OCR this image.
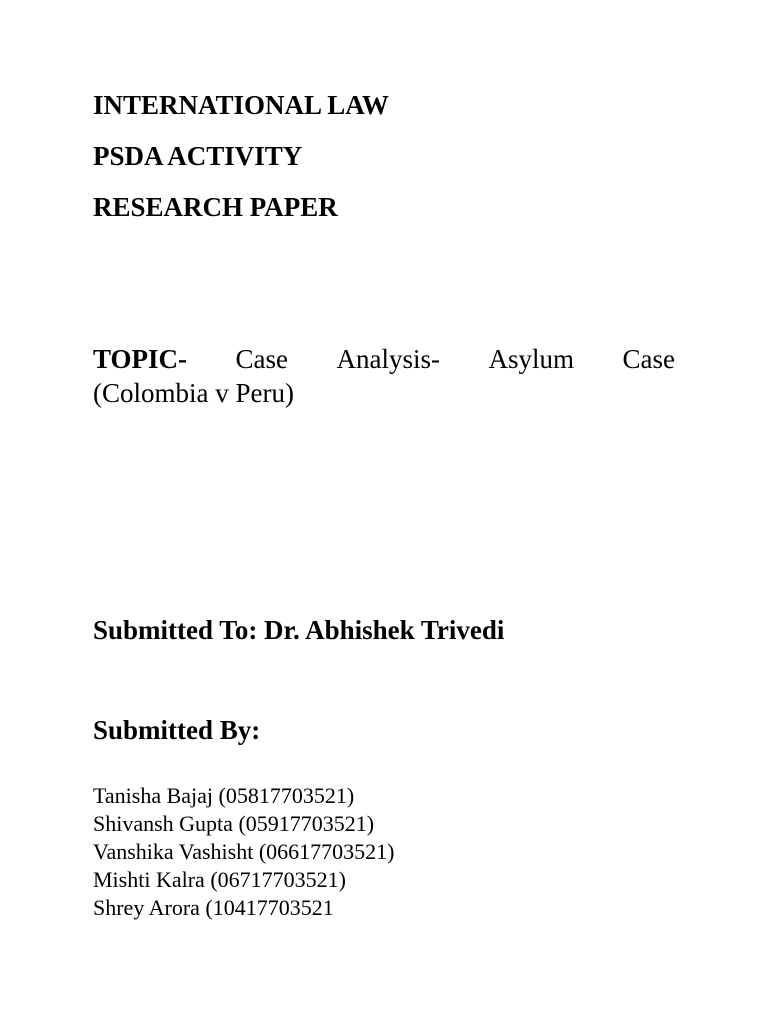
INTERNATIONAL LAW
PSDA ACTIVITY
RESEARCH PAPER
TOPIC- Case Analysis- Asylum Case
(Colombia v Peru)
Submitted To: Dr. Abhishek Trivedi
Submitted By:
Tanisha Bajaj (05817703521)
Shivansh Gupta (05917703521)
Vanshika Vashisht (06617703521)
Mishti Kalra (06717703521)
Shrey Arora (10417703521
